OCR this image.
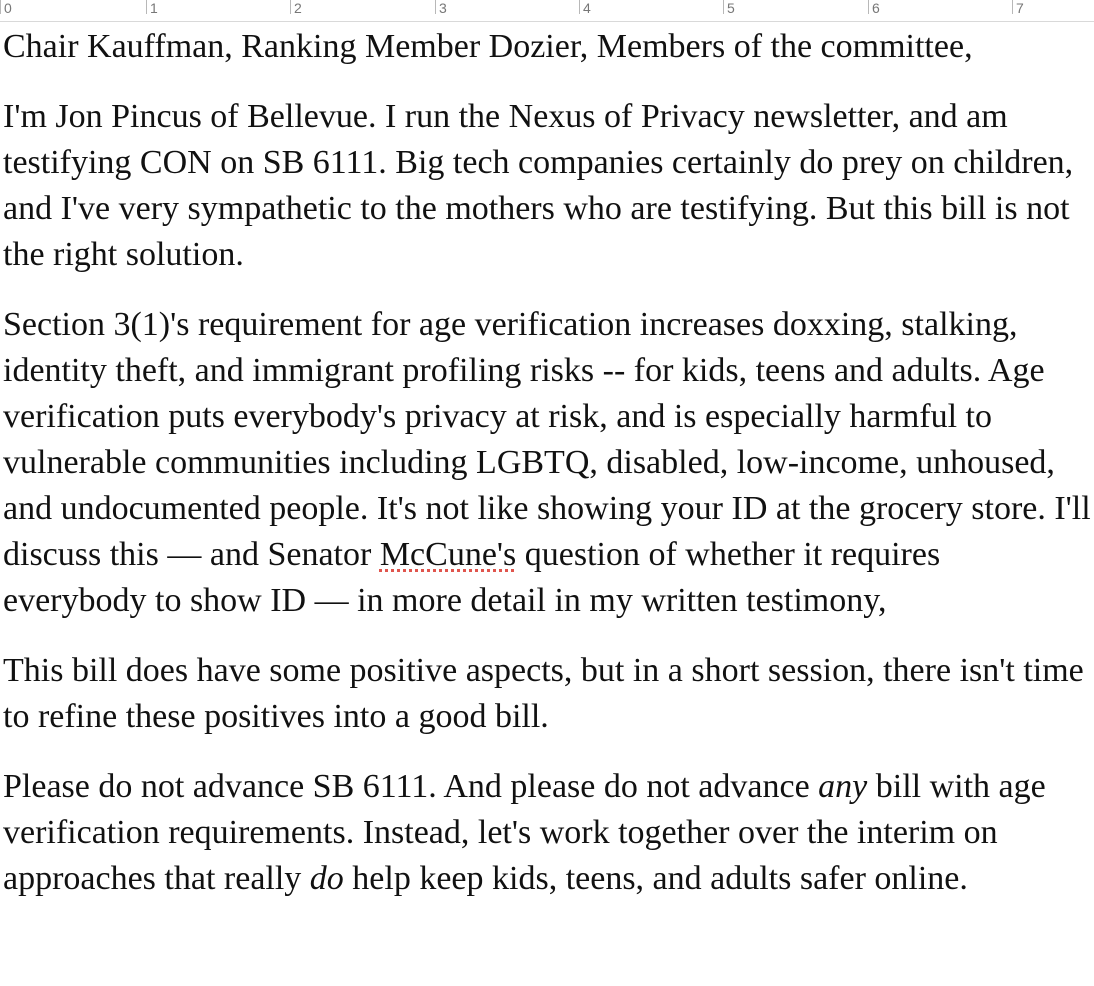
0	1	2	3	4	5	6	7

Chair Kauffman, Ranking Member Dozier, Members of the committee,

I'm Jon Pincus of Bellevue. I run the Nexus of Privacy newsletter, and am testifying CON on SB 6111. Big tech companies certainly do prey on children, and I've very sympathetic to the mothers who are testifying. But this bill is not the right solution.

Section 3(1)'s requirement for age verification increases doxxing, stalking, identity theft, and immigrant profiling risks -- for kids, teens and adults. Age verification puts everybody's privacy at risk, and is especially harmful to vulnerable communities including LGBTQ, disabled, low-income, unhoused, and undocumented people. It's not like showing your ID at the grocery store. I'll discuss this — and Senator McCune's question of whether it requires everybody to show ID — in more detail in my written testimony,

This bill does have some positive aspects, but in a short session, there isn't time to refine these positives into a good bill.

Please do not advance SB 6111. And please do not advance any bill with age verification requirements. Instead, let's work together over the interim on approaches that really do help keep kids, teens, and adults safer online.
